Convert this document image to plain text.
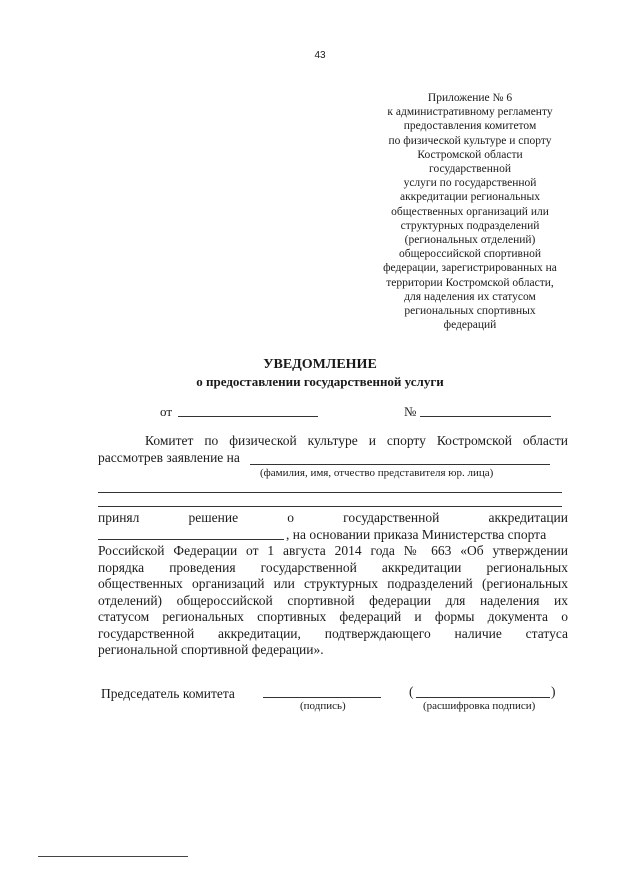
43
Приложение № 6
к административному регламенту
предоставления комитетом
по физической культуре и спорту
Костромской области
государственной
услуги по государственной
аккредитации региональных
общественных организаций или
структурных подразделений
(региональных отделений)
общероссийской спортивной
федерации, зарегистрированных на
территории Костромской области,
для наделения их статусом
региональных спортивных
федераций
УВЕДОМЛЕНИЕ
о предоставлении государственной услуги
от	№
Комитет по физической культуре и спорту Костромской области
рассмотрев заявление на
(фамилия, имя, отчество представителя юр. лица)
принял решение о государственной аккредитации
, на основании приказа Министерства спорта
Российской Федерации от 1 августа 2014 года № 663 «Об утверждении
порядка проведения государственной аккредитации региональных
общественных организаций или структурных подразделений (региональных
отделений) общероссийской спортивной федерации для наделения их
статусом региональных спортивных федераций и формы документа о
государственной аккредитации, подтверждающего наличие статуса
региональной спортивной федерации».
Председатель комитета
(подпись)
(	)
(расшифровка подписи)
